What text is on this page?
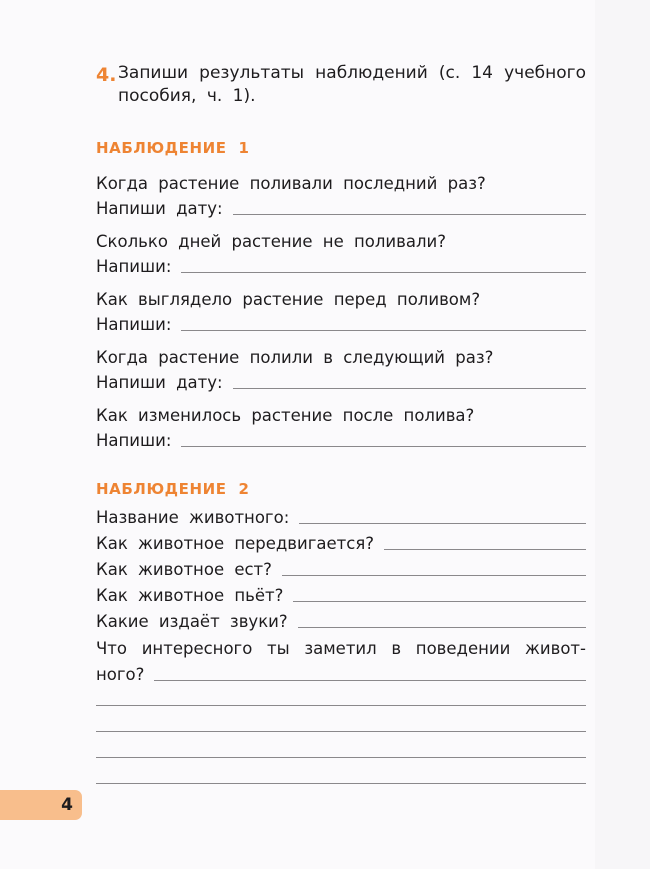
4. Запиши результаты наблюдений (с. 14 учебного пособия, ч. 1).
НАБЛЮДЕНИЕ 1
Когда растение поливали последний раз?
Напиши дату:
Сколько дней растение не поливали?
Напиши:
Как выглядело растение перед поливом?
Напиши:
Когда растение полили в следующий раз?
Напиши дату:
Как изменилось растение после полива?
Напиши:
НАБЛЮДЕНИЕ 2
Название животного:
Как животное передвигается?
Как животное ест?
Как животное пьёт?
Какие издаёт звуки?
Что интересного ты заметил в поведении живот-
ного?
4
